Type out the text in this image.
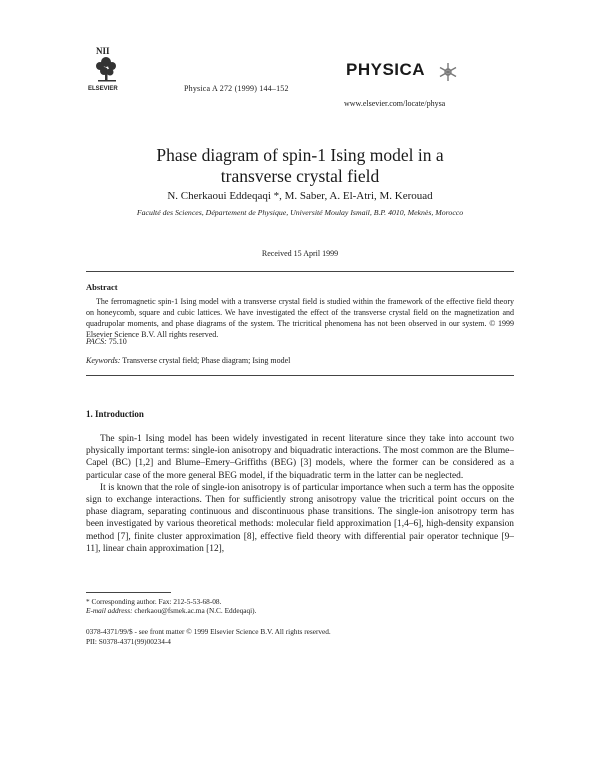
NII
ELSEVIER	Physica A 272 (1999) 144–152
PHYSICA
www.elsevier.com/locate/physa
Phase diagram of spin-1 Ising model in a
transverse crystal field
N. Cherkaoui Eddeqaqi *, M. Saber, A. El-Atri, M. Kerouad
Faculté des Sciences, Département de Physique, Université Moulay Ismail, B.P. 4010, Meknès, Morocco
Received 15 April 1999
Abstract

The ferromagnetic spin-1 Ising model with a transverse crystal field is studied within the framework of the effective field theory on honeycomb, square and cubic lattices. We have investigated the effect of the transverse crystal field on the magnetization and quadrupolar moments, and phase diagrams of the system. The tricritical phenomena has not been observed in our system. © 1999 Elsevier Science B.V. All rights reserved.

PACS: 75.10
Keywords: Transverse crystal field; Phase diagram; Ising model
1. Introduction

The spin-1 Ising model has been widely investigated in recent literature since they take into account two physically important terms: single-ion anisotropy and biquadratic interactions. The most common are the Blume–Capel (BC) [1,2] and Blume–Emery–Griffiths (BEG) [3] models, where the former can be considered as a particular case of the more general BEG model, if the biquadratic term in the latter can be neglected.

It is known that the role of single-ion anisotropy is of particular importance when such a term has the opposite sign to exchange interactions. Then for sufficiently strong anisotropy value the tricritical point occurs on the phase diagram, separating continuous and discontinuous phase transitions. The single-ion anisotropy term has been investigated by various theoretical methods: molecular field approximation [1,4–6], high-density expansion method [7], finite cluster approximation [8], effective field theory with differential pair operator technique [9–11], linear chain approximation [12],

* Corresponding author. Fax: 212-5-53-68-08.
E-mail address: cherkaou@fsmek.ac.ma (N.C. Eddeqaqi).
0378-4371/99/$ - see front matter © 1999 Elsevier Science B.V. All rights reserved.
PII: S0378-4371(99)00234-4
